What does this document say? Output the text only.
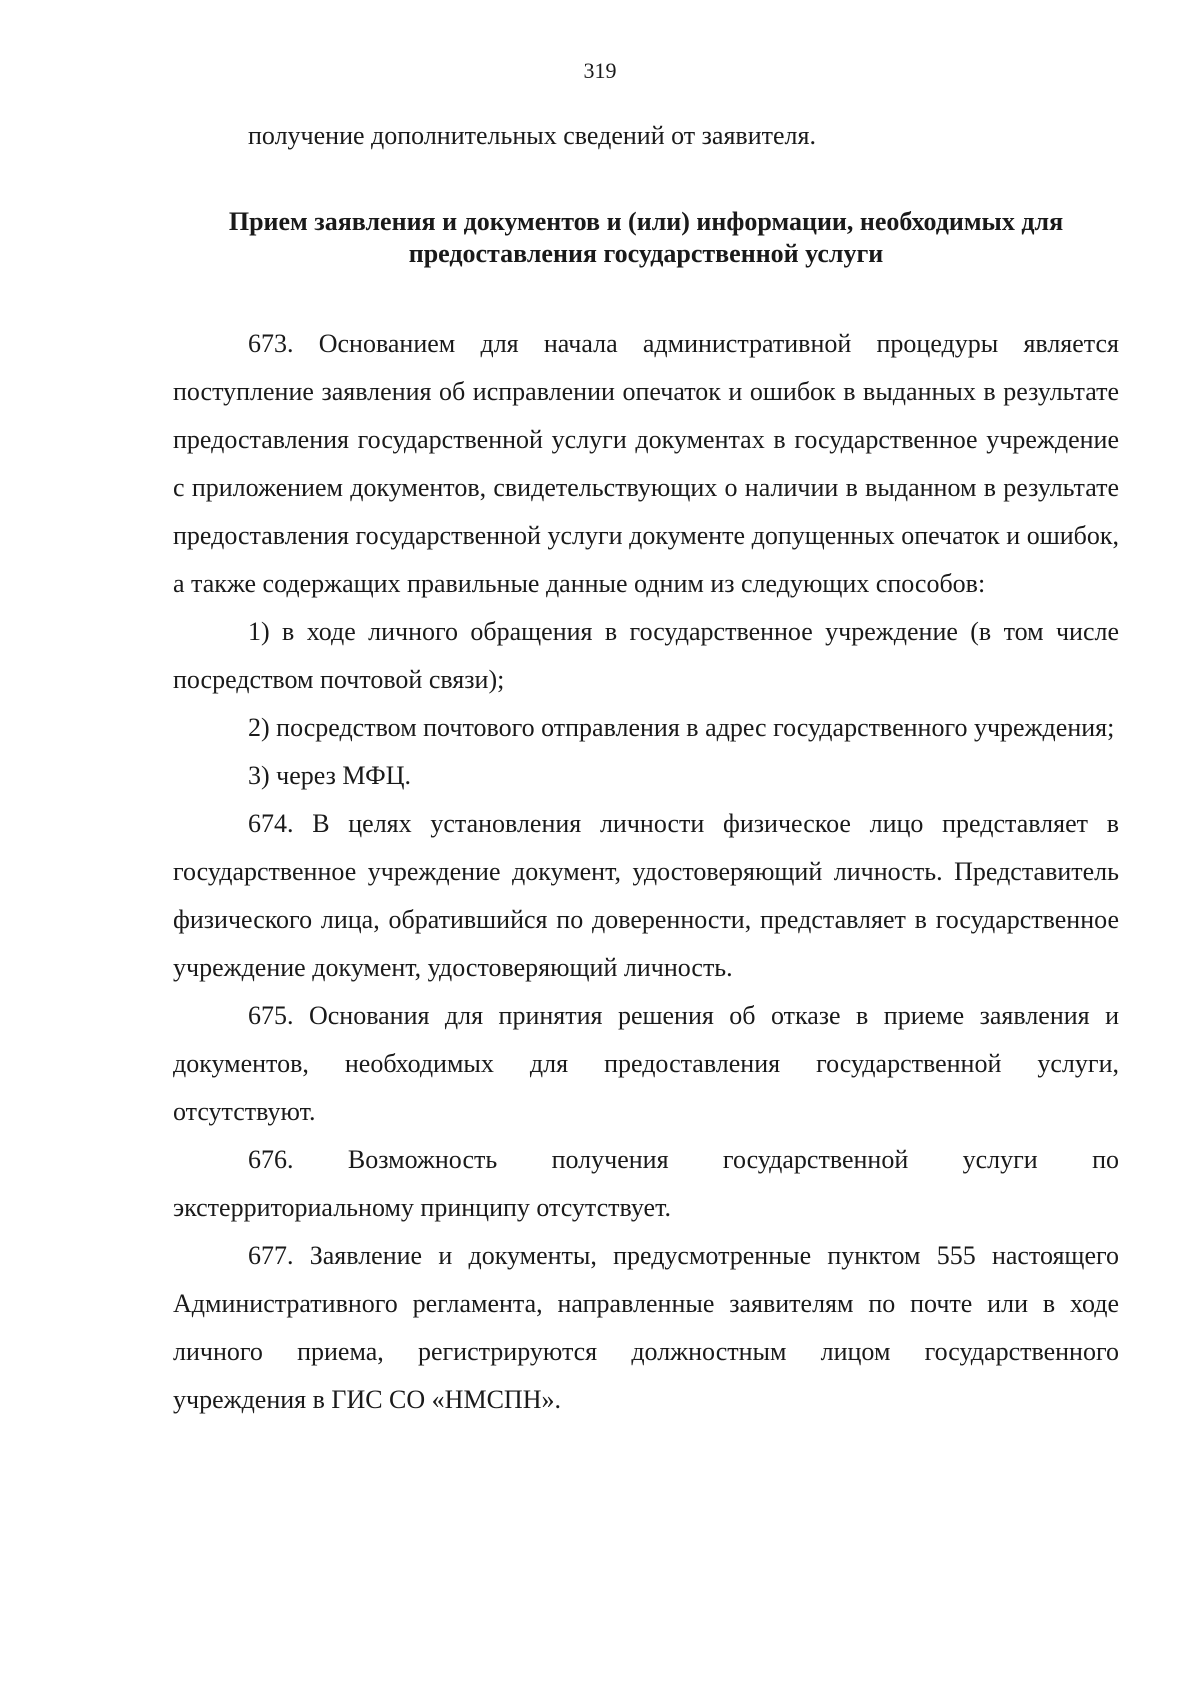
319

получение дополнительных сведений от заявителя.

Прием заявления и документов и (или) информации, необходимых для
предоставления государственной услуги

673. Основанием для начала административной процедуры является поступление заявления об исправлении опечаток и ошибок в выданных в результате предоставления государственной услуги документах в государственное учреждение с приложением документов, свидетельствующих о наличии в выданном в результате предоставления государственной услуги документе допущенных опечаток и ошибок, а также содержащих правильные данные одним из следующих способов:

1) в ходе личного обращения в государственное учреждение (в том числе посредством почтовой связи);

2) посредством почтового отправления в адрес государственного учреждения;

3) через МФЦ.

674. В целях установления личности физическое лицо представляет в государственное учреждение документ, удостоверяющий личность. Представитель физического лица, обратившийся по доверенности, представляет в государственное учреждение документ, удостоверяющий личность.

675. Основания для принятия решения об отказе в приеме заявления и документов, необходимых для предоставления государственной услуги, отсутствуют.

676. Возможность получения государственной услуги по экстерриториальному принципу отсутствует.

677. Заявление и документы, предусмотренные пунктом 555 настоящего Административного регламента, направленные заявителям по почте или в ходе личного приема, регистрируются должностным лицом государственного учреждения в ГИС СО «НМСПН».
